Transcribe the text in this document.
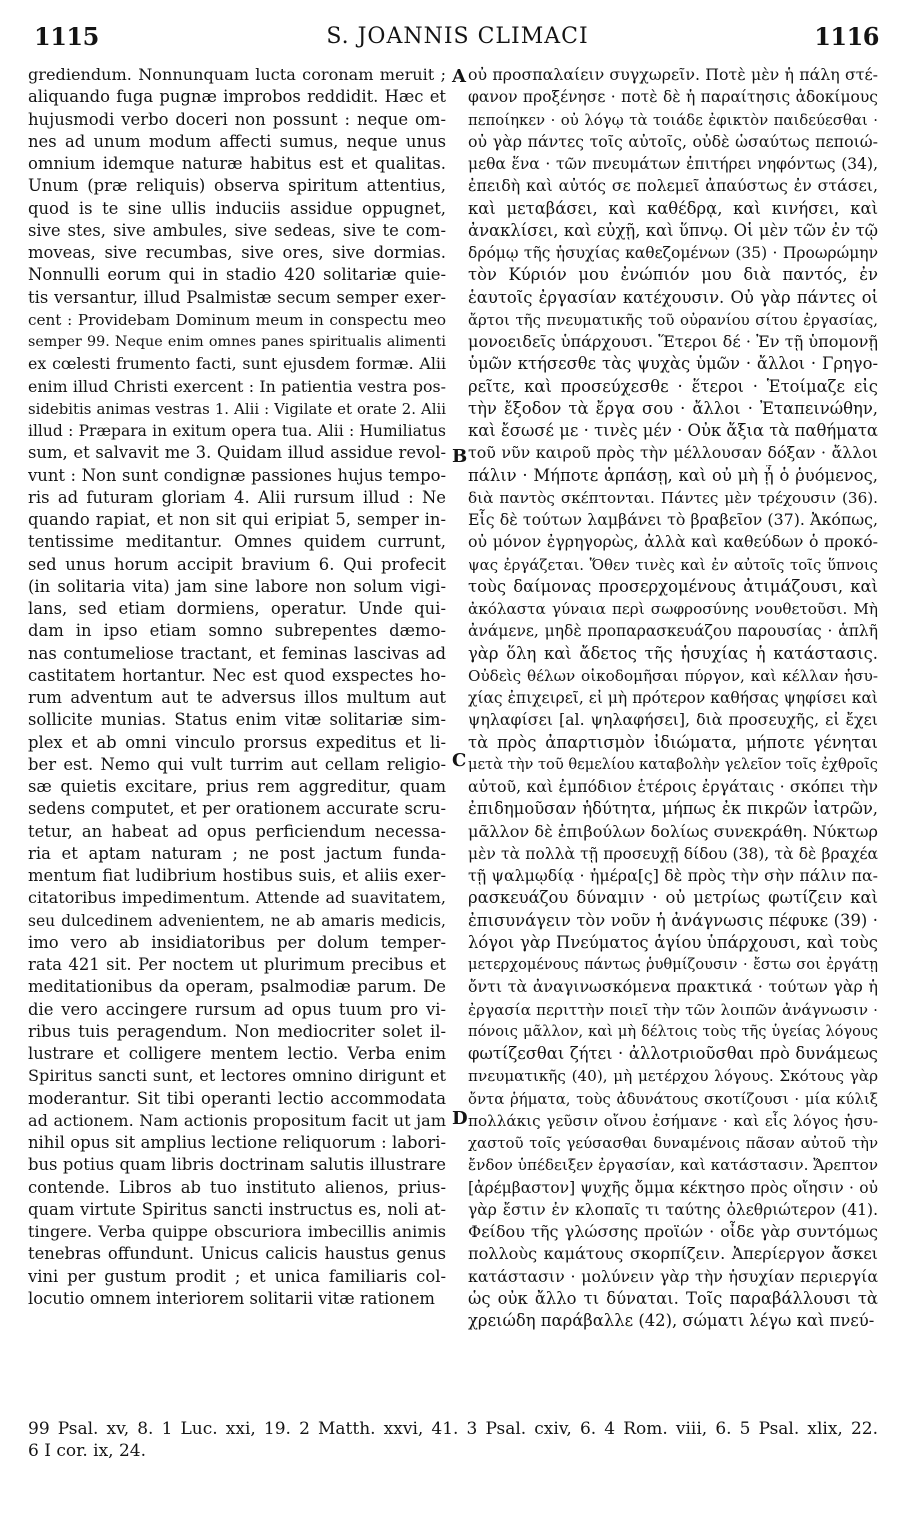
1115	S. JOANNIS CLIMACI	1116
grediendum. Nonnunquam lucta coronam meruit ;
aliquando fuga pugnæ improbos reddidit. Hæc et
hujusmodi verbo doceri non possunt : neque om-
nes ad unum modum affecti sumus, neque unus
omnium idemque naturæ habitus est et qualitas.
Unum (præ reliquis) observa spiritum attentius,
quod is te sine ullis induciis assidue oppugnet,
sive stes, sive ambules, sive sedeas, sive te com-
moveas, sive recumbas, sive ores, sive dormias.
Nonnulli eorum qui in stadio 420 solitariæ quie-
tis versantur, illud Psalmistæ secum semper exer-
cent : Providebam Dominum meum in conspectu meo
semper 99. Neque enim omnes panes spiritualis alimenti
ex cœlesti frumento facti, sunt ejusdem formæ. Alii
enim illud Christi exercent : In patientia vestra pos-
sidebitis animas vestras 1. Alii : Vigilate et orate 2. Alii
illud : Præpara in exitum opera tua. Alii : Humiliatus
sum, et salvavit me 3. Quidam illud assidue revol-
vunt : Non sunt condignæ passiones hujus tempo-
ris ad futuram gloriam 4. Alii rursum illud : Ne
quando rapiat, et non sit qui eripiat 5, semper in-
tentissime meditantur. Omnes quidem currunt,
sed unus horum accipit bravium 6. Qui profecit
(in solitaria vita) jam sine labore non solum vigi-
lans, sed etiam dormiens, operatur. Unde qui-
dam in ipso etiam somno subrepentes dæmo-
nas contumeliose tractant, et feminas lascivas ad
castitatem hortantur. Nec est quod exspectes ho-
rum adventum aut te adversus illos multum aut
sollicite munias. Status enim vitæ solitariæ sim-
plex et ab omni vinculo prorsus expeditus et li-
ber est. Nemo qui vult turrim aut cellam religio-
sæ quietis excitare, prius rem aggreditur, quam
sedens computet, et per orationem accurate scru-
tetur, an habeat ad opus perficiendum necessa-
ria et aptam naturam ; ne post jactum funda-
mentum fiat ludibrium hostibus suis, et aliis exer-
citatoribus impedimentum. Attende ad suavitatem,
seu dulcedinem advenientem, ne ab amaris medicis,
imo vero ab insidiatoribus per dolum temper-
rata 421 sit. Per noctem ut plurimum precibus et
meditationibus da operam, psalmodiæ parum. De
die vero accingere rursum ad opus tuum pro vi-
ribus tuis peragendum. Non mediocriter solet il-
lustrare et colligere mentem lectio. Verba enim
Spiritus sancti sunt, et lectores omnino dirigunt et
moderantur. Sit tibi operanti lectio accommodata
ad actionem. Nam actionis propositum facit ut jam
nihil opus sit amplius lectione reliquorum : labori-
bus potius quam libris doctrinam salutis illustrare
contende. Libros ab tuo instituto alienos, prius-
quam virtute Spiritus sancti instructus es, noli at-
tingere. Verba quippe obscuriora imbecillis animis
tenebras offundunt. Unicus calicis haustus genus
vini per gustum prodit ; et unica familiaris col-
locutio omnem interiorem solitarii vitæ rationem
οὐ προσπαλαίειν συγχωρεῖν. Ποτὲ μὲν ἡ πάλη στέ-
φανον προξένησε · ποτὲ δὲ ἡ παραίτησις ἀδοκίμους
πεποίηκεν · οὐ λόγῳ τὰ τοιάδε ἐφικτὸν παιδεύεσθαι ·
οὐ γὰρ πάντες τοῖς αὐτοῖς, οὐδὲ ὡσαύτως πεποιώ-
μεθα ἕνα · τῶν πνευμάτων ἐπιτήρει νηφόντως (34),
ἐπειδὴ καὶ αὐτός σε πολεμεῖ ἀπαύστως ἐν στάσει,
καὶ μεταβάσει, καὶ καθέδρᾳ, καὶ κινήσει, καὶ
ἀνακλίσει, καὶ εὐχῇ, καὶ ὕπνῳ. Οἱ μὲν τῶν ἐν τῷ
δρόμῳ τῆς ἡσυχίας καθεζομένων (35) · Προωρώμην
τὸν Κύριόν μου ἐνώπιόν μου διὰ παντός, ἐν
ἑαυτοῖς ἐργασίαν κατέχουσιν. Οὐ γὰρ πάντες οἱ
ἄρτοι τῆς πνευματικῆς τοῦ οὐρανίου σίτου ἐργασίας,
μονοειδεῖς ὑπάρχουσι. Ἕτεροι δέ · Ἐν τῇ ὑπομονῇ
ὑμῶν κτήσεσθε τὰς ψυχὰς ὑμῶν · ἄλλοι · Γρηγο-
ρεῖτε, καὶ προσεύχεσθε · ἕτεροι · Ἑτοίμαζε εἰς
τὴν ἔξοδον τὰ ἔργα σου · ἄλλοι · Ἐταπεινώθην,
καὶ ἔσωσέ με · τινὲς μέν · Οὐκ ἄξια τὰ παθήματα
τοῦ νῦν καιροῦ πρὸς τὴν μέλλουσαν δόξαν · ἄλλοι
πάλιν · Μήποτε ἁρπάσῃ, καὶ οὐ μὴ ᾖ ὁ ῥυόμενος,
διὰ παντὸς σκέπτονται. Πάντες μὲν τρέχουσιν (36).
Εἷς δὲ τούτων λαμβάνει τὸ βραβεῖον (37). Ἀκόπως,
οὐ μόνον ἐγρηγορὼς, ἀλλὰ καὶ καθεύδων ὁ προκό-
ψας ἐργάζεται. Ὅθεν τινὲς καὶ ἐν αὐτοῖς τοῖς ὕπνοις
τοὺς δαίμονας προσερχομένους ἀτιμάζουσι, καὶ
ἀκόλαστα γύναια περὶ σωφροσύνης νουθετοῦσι. Μὴ
ἀνάμενε, μηδὲ προπαρασκευάζου παρουσίας · ἁπλῆ
γὰρ ὅλη καὶ ἄδετος τῆς ἡσυχίας ἡ κατάστασις.
Οὐδεὶς θέλων οἰκοδομῆσαι πύργον, καὶ κέλλαν ἡσυ-
χίας ἐπιχειρεῖ, εἰ μὴ πρότερον καθήσας ψηφίσει καὶ
ψηλαφίσει [al. ψηλαφήσει], διὰ προσευχῆς, εἰ ἔχει
τὰ πρὸς ἀπαρτισμὸν ἰδιώματα, μήποτε γένηται
μετὰ τὴν τοῦ θεμελίου καταβολὴν γελεῖον τοῖς ἐχθροῖς
αὐτοῦ, καὶ ἐμπόδιον ἑτέροις ἐργάταις · σκόπει τὴν
ἐπιδημοῦσαν ἡδύτητα, μήπως ἐκ πικρῶν ἰατρῶν,
μᾶλλον δὲ ἐπιβούλων δολίως συνεκράθη. Νύκτωρ
μὲν τὰ πολλὰ τῇ προσευχῇ δίδου (38), τὰ δὲ βραχέα
τῇ ψαλμῳδίᾳ · ἡμέρα[ς] δὲ πρὸς τὴν σὴν πάλιν πα-
ρασκευάζου δύναμιν · οὐ μετρίως φωτίζειν καὶ
ἐπισυνάγειν τὸν νοῦν ἡ ἀνάγνωσις πέφυκε (39) ·
λόγοι γὰρ Πνεύματος ἁγίου ὑπάρχουσι, καὶ τοὺς
μετερχομένους πάντως ῥυθμίζουσιν · ἔστω σοι ἐργάτῃ
ὄντι τὰ ἀναγινωσκόμενα πρακτικά · τούτων γὰρ ἡ
ἐργασία περιττὴν ποιεῖ τὴν τῶν λοιπῶν ἀνάγνωσιν ·
πόνοις μᾶλλον, καὶ μὴ δέλτοις τοὺς τῆς ὑγείας λόγους
φωτίζεσθαι ζήτει · ἀλλοτριοῦσθαι πρὸ δυνάμεως
πνευματικῆς (40), μὴ μετέρχου λόγους. Σκότους γὰρ
ὄντα ῥήματα, τοὺς ἀδυνάτους σκοτίζουσι · μία κύλιξ
πολλάκις γεῦσιν οἴνου ἐσήμανε · καὶ εἷς λόγος ἡσυ-
χαστοῦ τοῖς γεύσασθαι δυναμένοις πᾶσαν αὐτοῦ τὴν
ἔνδον ὑπέδειξεν ἐργασίαν, καὶ κατάστασιν. Ἄρεπτον
[ἀρέμβαστον] ψυχῆς ὄμμα κέκτησο πρὸς οἴησιν · οὐ
γὰρ ἔστιν ἐν κλοπαῖς τι ταύτης ὀλεθριώτερον (41).
Φείδου τῆς γλώσσης προϊών · οἶδε γὰρ συντόμως
πολλοὺς καμάτους σκορπίζειν. Ἀπερίεργον ἄσκει
κατάστασιν · μολύνειν γὰρ τὴν ἡσυχίαν περιεργία
ὡς οὐκ ἄλλο τι δύναται. Τοῖς παραβάλλουσι τὰ
χρειώδη παράβαλλε (42), σώματι λέγω καὶ πνεύ-
A
B
C
D
99 Psal. xv, 8. 1 Luc. xxi, 19. 2 Matth. xxvi, 41. 3 Psal. cxiv, 6. 4 Rom. viii, 6. 5 Psal. xlix, 22.
6 I cor. ix, 24.
